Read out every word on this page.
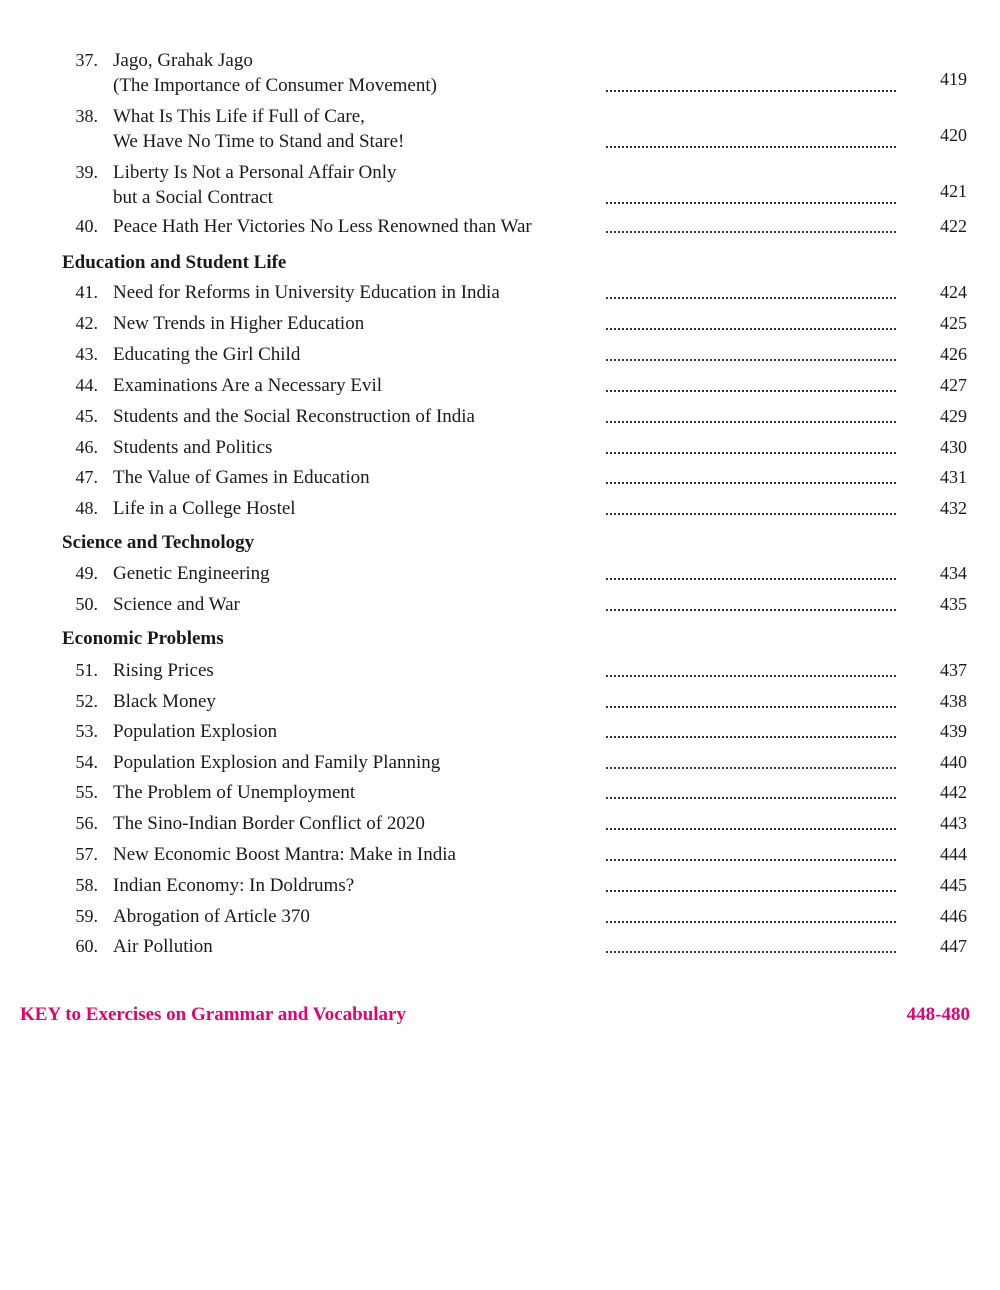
37. Jago, Grahak Jago
(The Importance of Consumer Movement)	419
38. What Is This Life if Full of Care,
We Have No Time to Stand and Stare!	420
39. Liberty Is Not a Personal Affair Only
but a Social Contract	421
40. Peace Hath Her Victories No Less Renowned than War	422
Education and Student Life
41. Need for Reforms in University Education in India	424
42. New Trends in Higher Education	425
43. Educating the Girl Child	426
44. Examinations Are a Necessary Evil	427
45. Students and the Social Reconstruction of India	429
46. Students and Politics	430
47. The Value of Games in Education	431
48. Life in a College Hostel	432
Science and Technology
49. Genetic Engineering	434
50. Science and War	435
Economic Problems
51. Rising Prices	437
52. Black Money	438
53. Population Explosion	439
54. Population Explosion and Family Planning	440
55. The Problem of Unemployment	442
56. The Sino-Indian Border Conflict of 2020	443
57. New Economic Boost Mantra: Make in India	444
58. Indian Economy: In Doldrums?	445
59. Abrogation of Article 370	446
60. Air Pollution	447
KEY to Exercises on Grammar and Vocabulary	448-480
